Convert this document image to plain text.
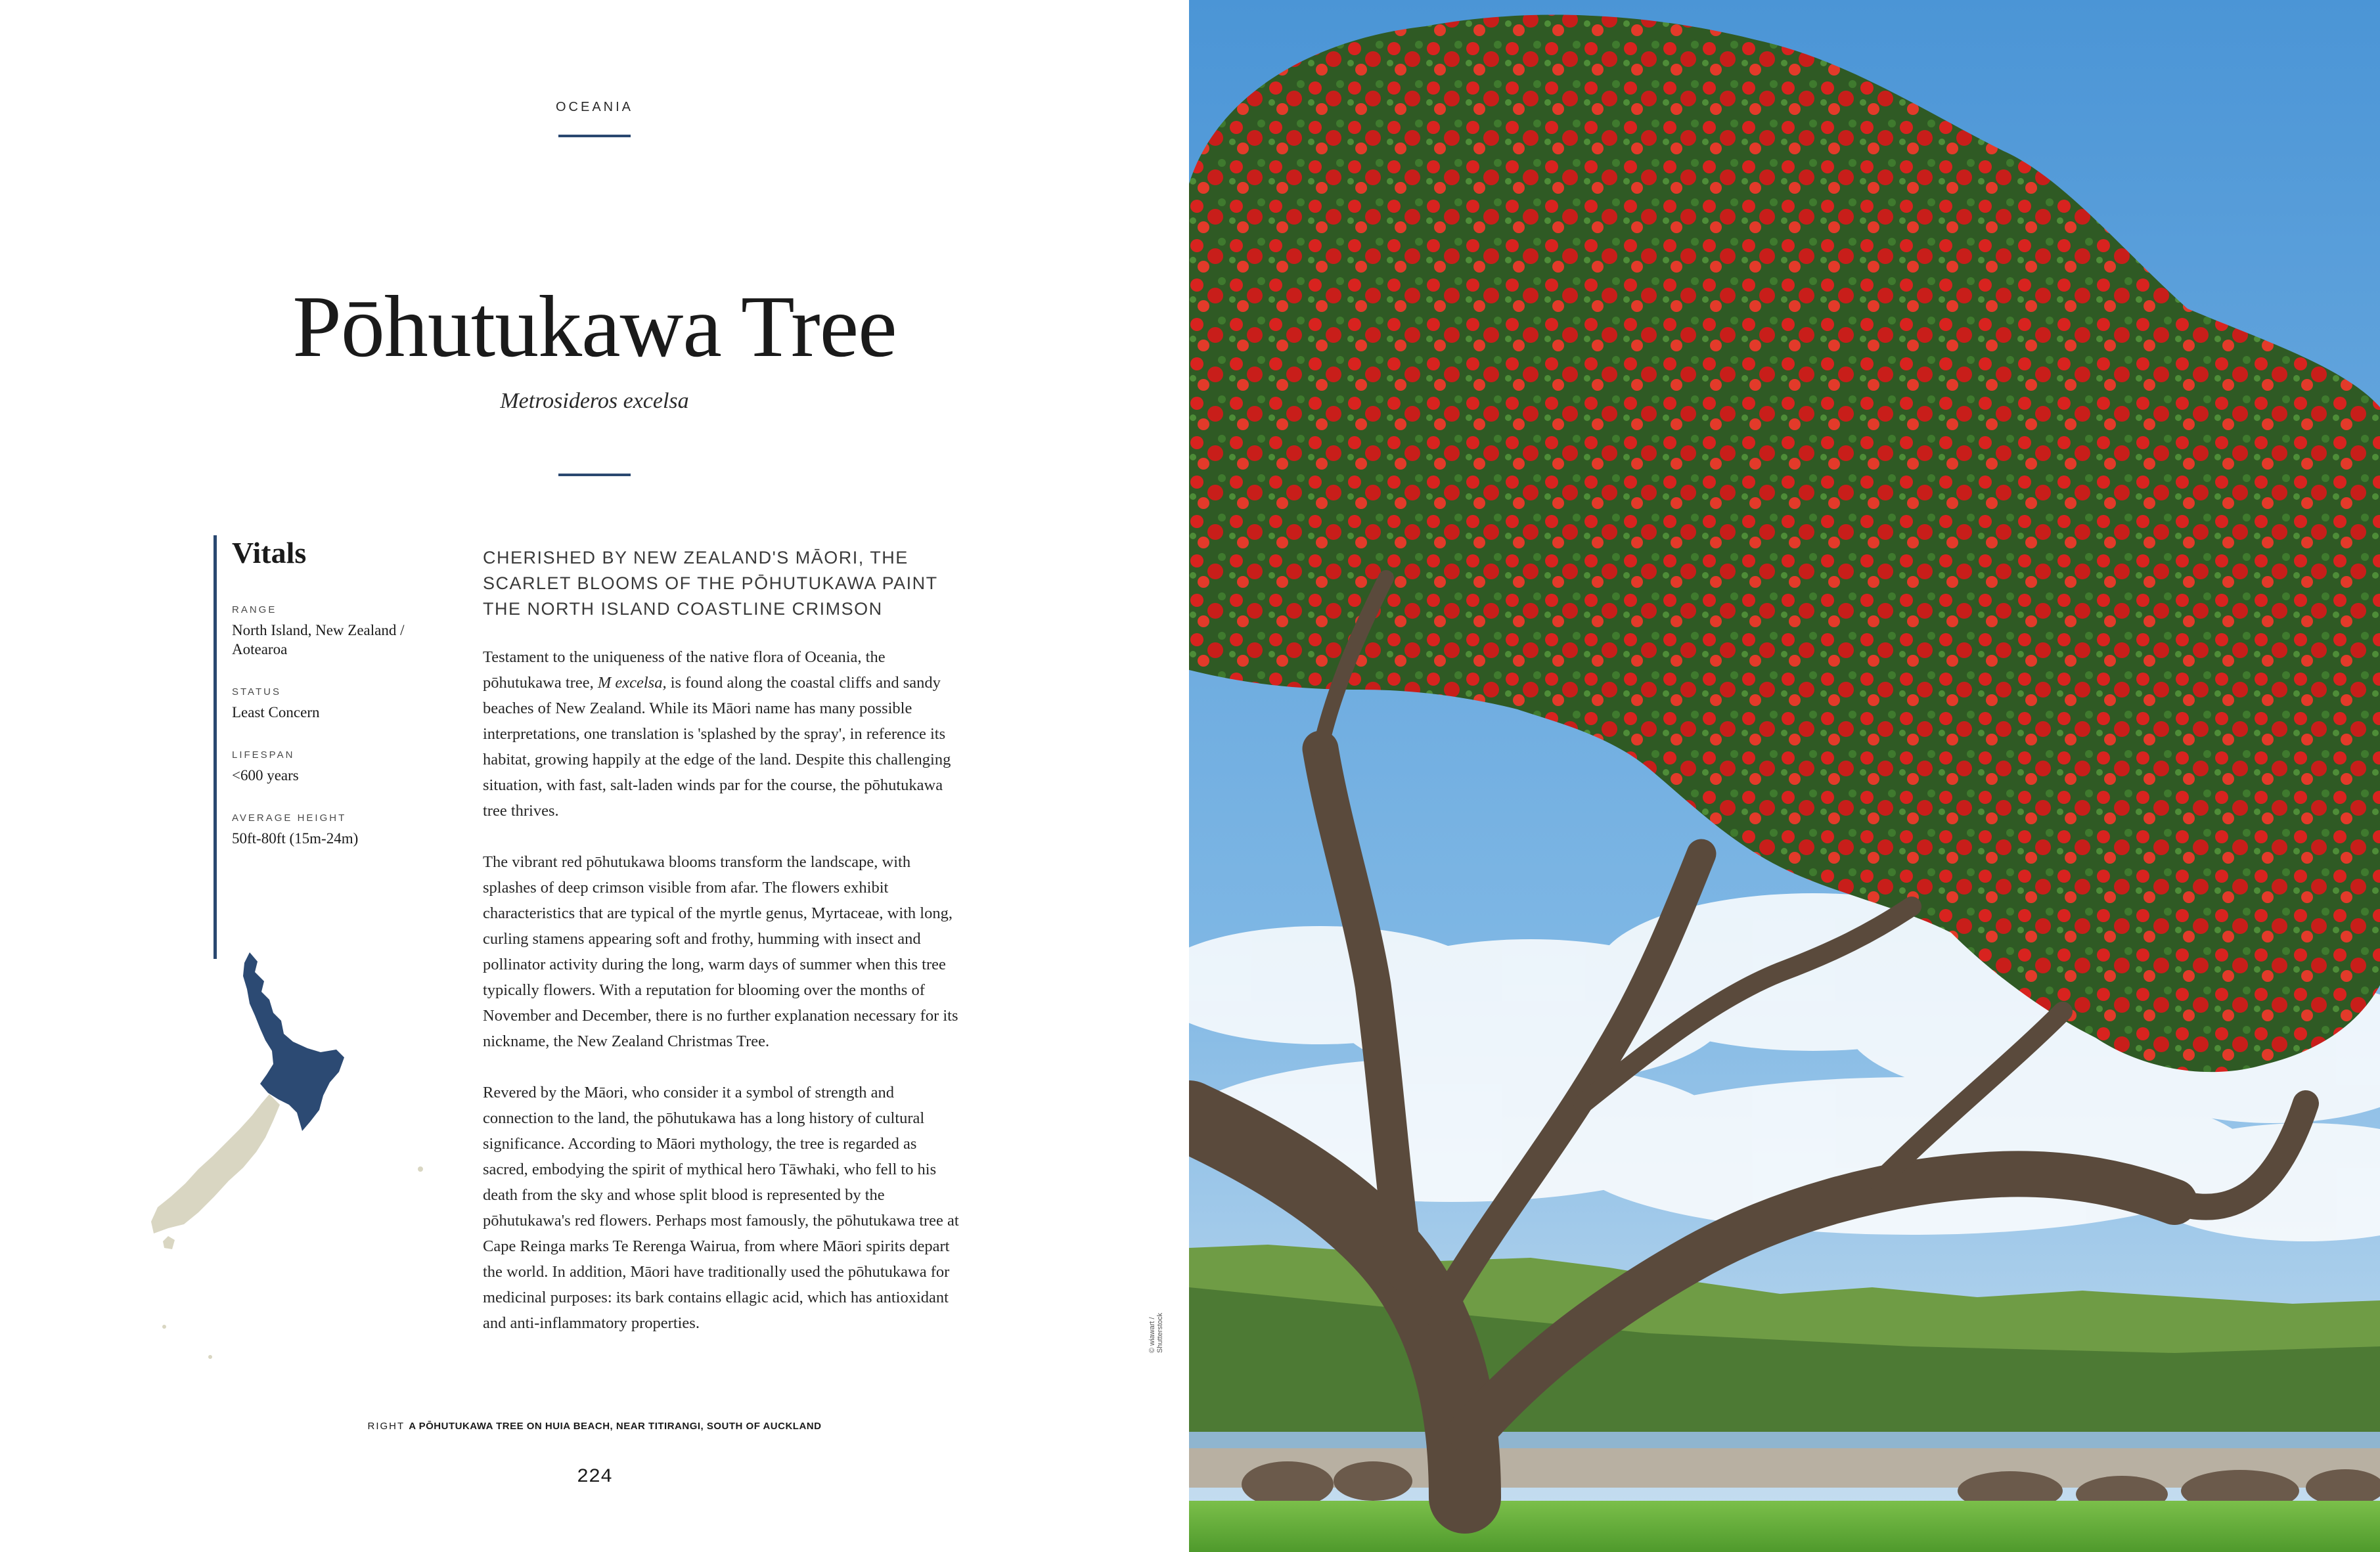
OCEANIA
Pōhutukawa Tree
Metrosideros excelsa
Vitals
RANGE
North Island, New Zealand / Aotearoa
STATUS
Least Concern
LIFESPAN
<600 years
AVERAGE HEIGHT
50ft-80ft (15m-24m)

CHERISHED BY NEW ZEALAND'S MĀORI, THE SCARLET BLOOMS OF THE PŌHUTUKAWA PAINT THE NORTH ISLAND COASTLINE CRIMSON

Testament to the uniqueness of the native flora of Oceania, the pōhutukawa tree, M excelsa, is found along the coastal cliffs and sandy beaches of New Zealand. While its Māori name has many possible interpretations, one translation is 'splashed by the spray', in reference its habitat, growing happily at the edge of the land. Despite this challenging situation, with fast, salt-laden winds par for the course, the pōhutukawa tree thrives.

The vibrant red pōhutukawa blooms transform the landscape, with splashes of deep crimson visible from afar. The flowers exhibit characteristics that are typical of the myrtle genus, Myrtaceae, with long, curling stamens appearing soft and frothy, humming with insect and pollinator activity during the long, warm days of summer when this tree typically flowers. With a reputation for blooming over the months of November and December, there is no further explanation necessary for its nickname, the New Zealand Christmas Tree.

Revered by the Māori, who consider it a symbol of strength and connection to the land, the pōhutukawa has a long history of cultural significance. According to Māori mythology, the tree is regarded as sacred, embodying the spirit of mythical hero Tāwhaki, who fell to his death from the sky and whose split blood is represented by the pōhutukawa's red flowers. Perhaps most famously, the pōhutukawa tree at Cape Reinga marks Te Rerenga Wairua, from where Māori spirits depart the world. In addition, Māori have traditionally used the pōhutukawa for medicinal purposes: its bark contains ellagic acid, which has antioxidant and anti-inflammatory properties.

RIGHT A PŌHUTUKAWA TREE ON HUIA BEACH, NEAR TITIRANGI, SOUTH OF AUCKLAND
224
© wiawart / Shutterstock
